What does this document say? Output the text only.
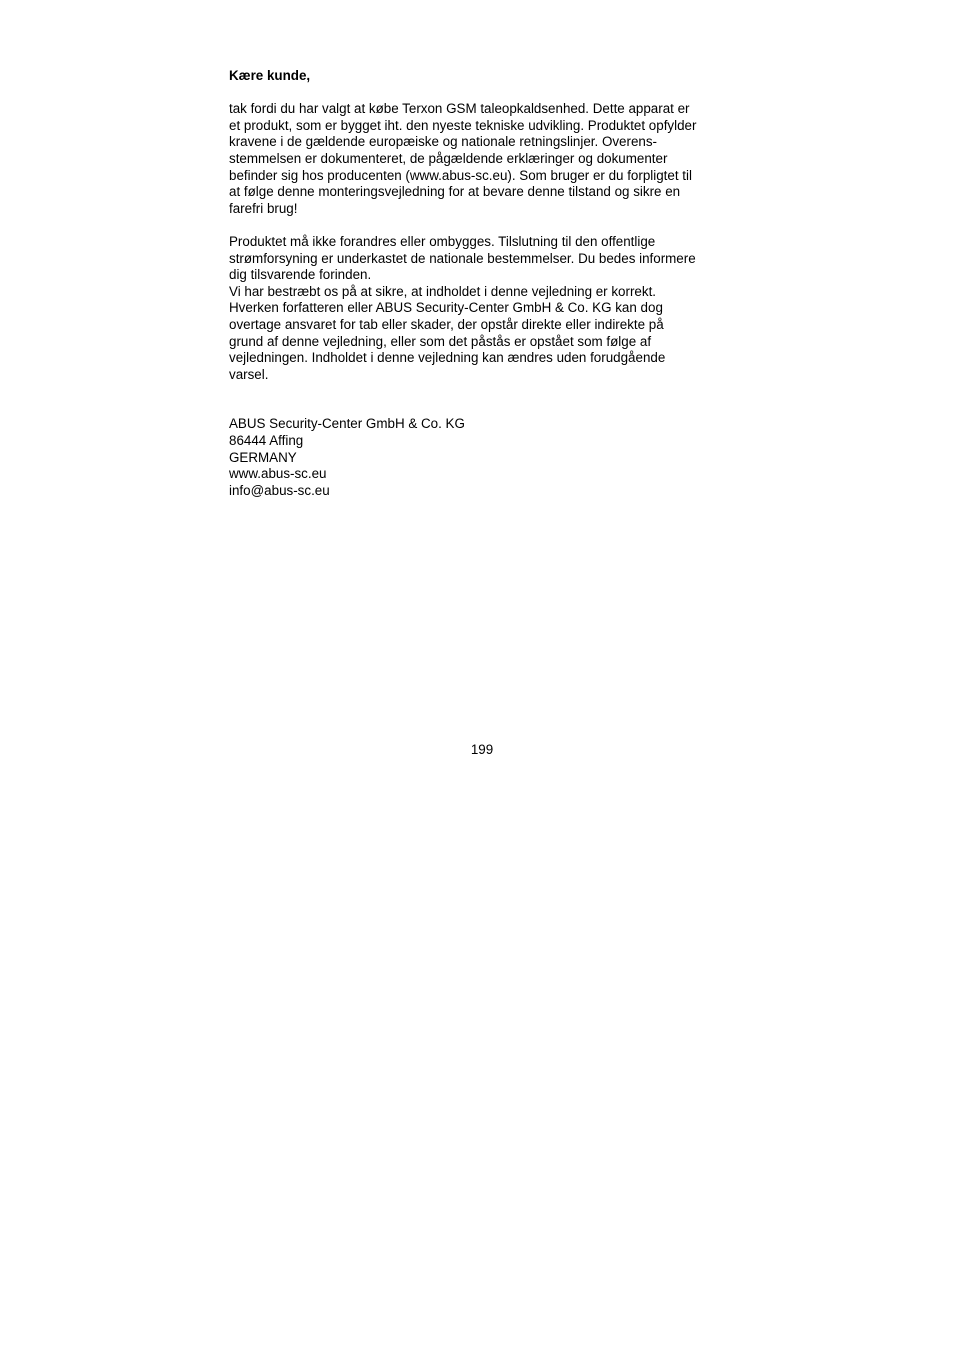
Kære kunde,
tak fordi du har valgt at købe Terxon GSM taleopkaldsenhed. Dette apparat er
et produkt, som er bygget iht. den nyeste tekniske udvikling. Produktet opfylder
kravene i de gældende europæiske og nationale retningslinjer. Overens-
stemmelsen er dokumenteret, de pågældende erklæringer og dokumenter
befinder sig hos producenten (www.abus-sc.eu). Som bruger er du forpligtet til
at følge denne monteringsvejledning for at bevare denne tilstand og sikre en
farefri brug!
Produktet må ikke forandres eller ombygges. Tilslutning til den offentlige
strømforsyning er underkastet de nationale bestemmelser. Du bedes informere
dig tilsvarende forinden.
Vi har bestræbt os på at sikre, at indholdet i denne vejledning er korrekt.
Hverken forfatteren eller ABUS Security-Center GmbH & Co. KG kan dog
overtage ansvaret for tab eller skader, der opstår direkte eller indirekte på
grund af denne vejledning, eller som det påstås er opstået som følge af
vejledningen. Indholdet i denne vejledning kan ændres uden forudgående
varsel.
ABUS Security-Center GmbH & Co. KG
86444 Affing
GERMANY
www.abus-sc.eu
info@abus-sc.eu
199
